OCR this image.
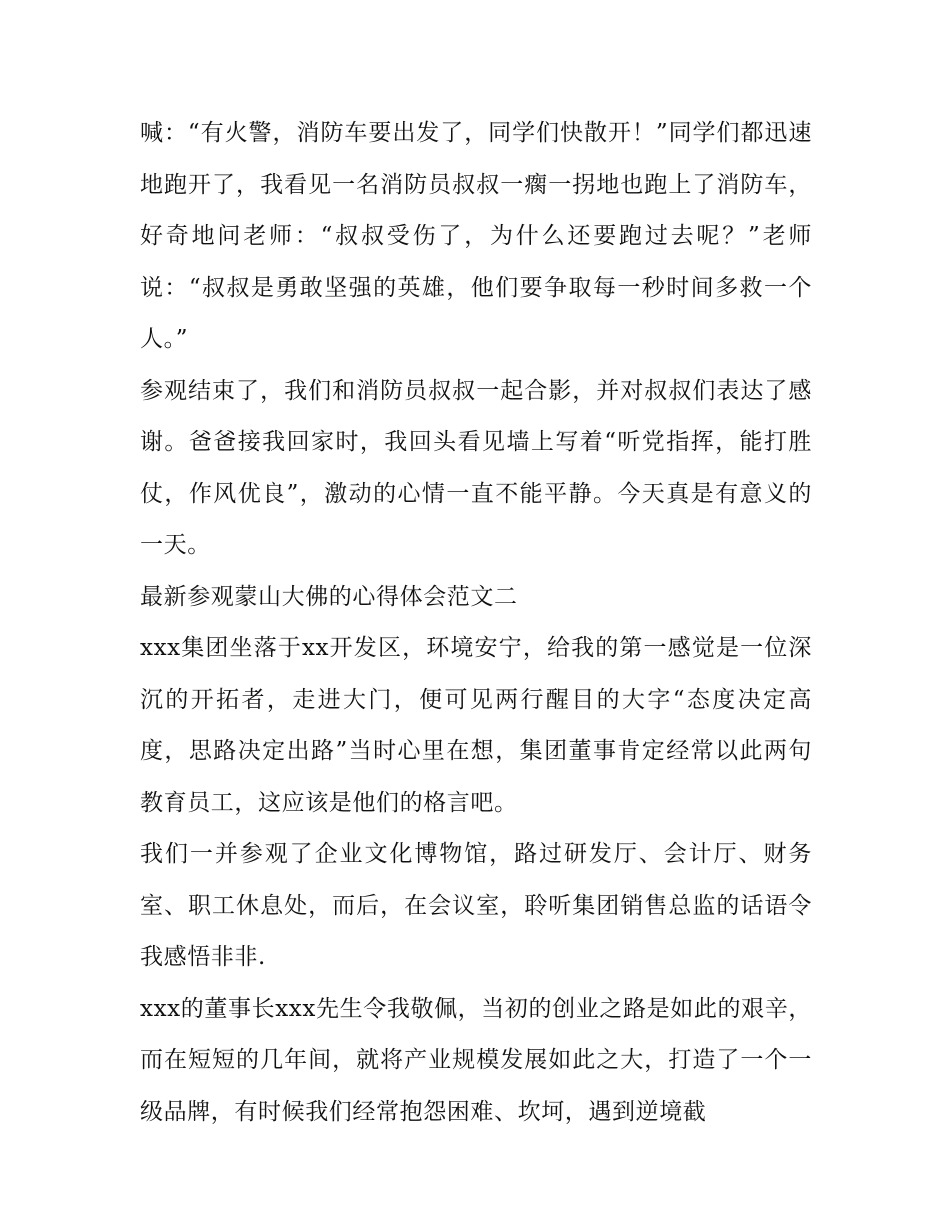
喊：“有火警，消防车要出发了，同学们快散开！”同学们都迅速地跑开了，我看见一名消防员叔叔一瘸一拐地也跑上了消防车，好奇地问老师：“叔叔受伤了，为什么还要跑过去呢？”老师说：“叔叔是勇敢坚强的英雄，他们要争取每一秒时间多救一个人。”

参观结束了，我们和消防员叔叔一起合影，并对叔叔们表达了感谢。爸爸接我回家时，我回头看见墙上写着“听党指挥，能打胜仗，作风优良”，激动的心情一直不能平静。今天真是有意义的一天。

最新参观蒙山大佛的心得体会范文二

xxx集团坐落于xx开发区，环境安宁，给我的第一感觉是一位深沉的开拓者，走进大门，便可见两行醒目的大字“态度决定高度，思路决定出路”当时心里在想，集团董事肯定经常以此两句教育员工，这应该是他们的格言吧。

我们一并参观了企业文化博物馆，路过研发厅、会计厅、财务室、职工休息处，而后，在会议室，聆听集团销售总监的话语令我感悟非非.

xxx的董事长xxx先生令我敬佩，当初的创业之路是如此的艰辛，而在短短的几年间，就将产业规模发展如此之大，打造了一个一级品牌，有时候我们经常抱怨困难、坎坷，遇到逆境截
